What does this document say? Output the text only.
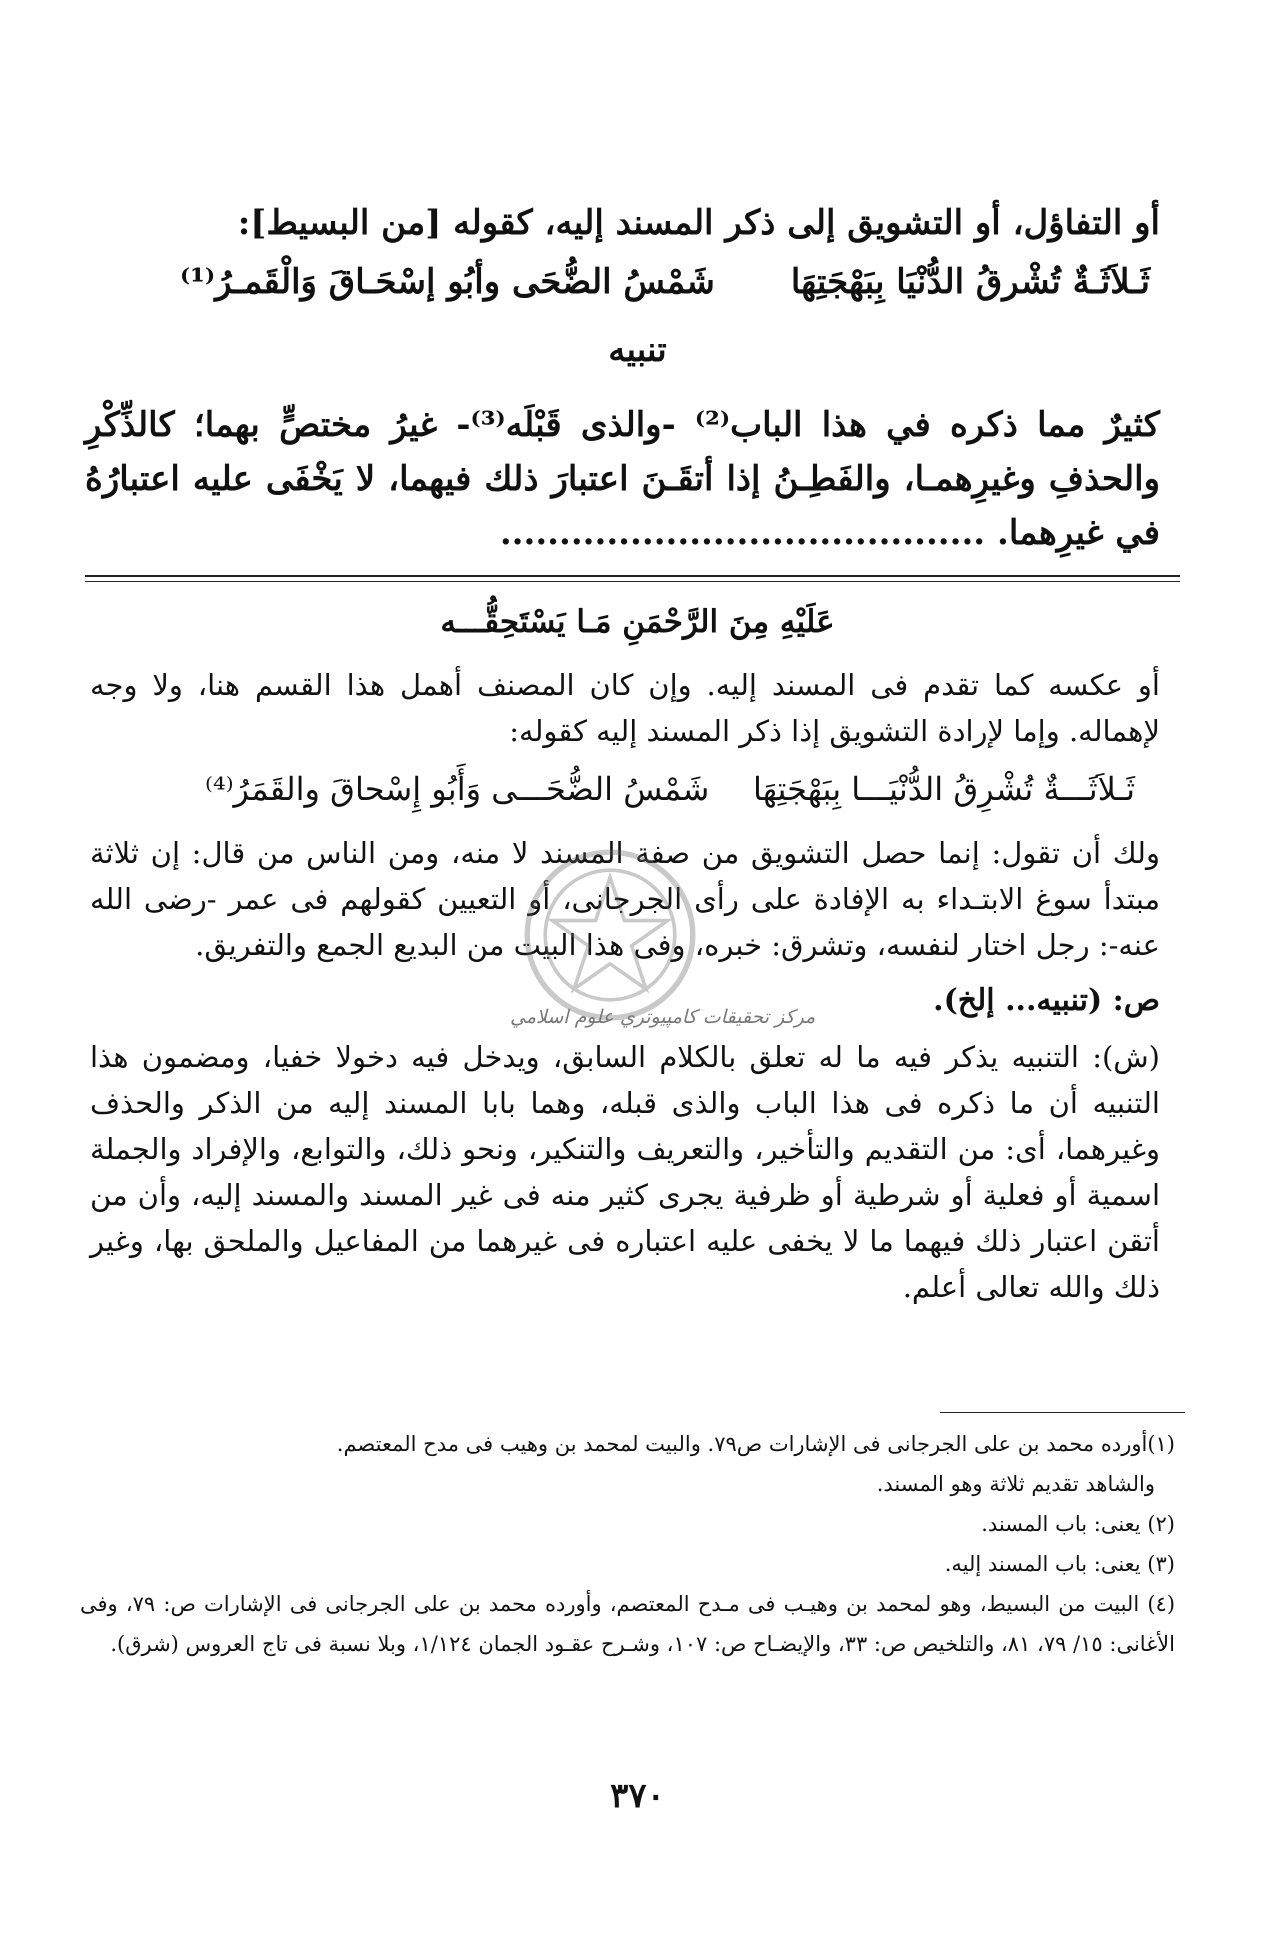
أو التفاؤل، أو التشويق إلى ذكر المسند إليه، كقوله [من البسيط]:

ثَـلاَثَـةٌ تُشْرقُ الدُّنْيَا بِبَهْجَتِهَا
شَمْسُ الضُّحَى وأبُو إسْحَـاقَ وَالْقَمـرُ⁽¹⁾
تنبيه

كثيرٌ مما ذكره في هذا الباب⁽²⁾ -والذى قَبْلَه⁽³⁾- غيرُ مختصٍّ بهما؛ كالذِّكْرِ والحذفِ وغيرِهمـا، والفَطِـنُ إذا أتقَـنَ اعتبارَ ذلك فيهما، لا يَخْفَى عليه اعتبارُهُ في غيرِهما. .........................................

عَلَيْهِ مِنَ الرَّحْمَنِ مَـا يَسْتَحِقُّـــه

أو عكسه كما تقدم فى المسند إليه. وإن كان المصنف أهمل هذا القسم هنا، ولا وجه لإهماله. وإما لإرادة التشويق إذا ذكر المسند إليه كقوله:

ثَـلاَثَـــةٌ تُشْرِقُ الدُّنْيَـــا بِبَهْجَتِهَا
شَمْسُ الضُّحَـــى وَأَبُو إِسْحاقَ والقَمَرُ⁽⁴⁾

ولك أن تقول: إنما حصل التشويق من صفة المسند لا منه، ومن الناس من قال: إن ثلاثة مبتدأ سوغ الابتـداء به الإفادة على رأى الجرجانى، أو التعيين كقولهم فى عمر -رضى الله عنه-: رجل اختار لنفسه، وتشرق: خبره، وفى هذا البيت من البديع الجمع والتفريق.

ص: (تنبيه... إلخ).

(ش): التنبيه يذكر فيه ما له تعلق بالكلام السابق، ويدخل فيه دخولا خفيا، ومضمون هذا التنبيه أن ما ذكره فى هذا الباب والذى قبله، وهما بابا المسند إليه من الذكر والحذف وغيرهما، أى: من التقديم والتأخير، والتعريف والتنكير، ونحو ذلك، والتوابع، والإفراد والجملة اسمية أو فعلية أو شرطية أو ظرفية يجرى كثير منه فى غير المسند والمسند إليه، وأن من أتقن اعتبار ذلك فيهما ما لا يخفى عليه اعتباره فى غيرهما من المفاعيل والملحق بها، وغير ذلك والله تعالى أعلم.

مركز تحقيقات كامپيوتري علوم اسلامي

(١)أورده محمد بن على الجرجانى فى الإشارات ص٧٩. والبيت لمحمد بن وهيب فى مدح المعتصم.

والشاهد تقديم ثلاثة وهو المسند.

(٢) يعنى: باب المسند.

(٣) يعنى: باب المسند إليه.

(٤) البيت من البسيط، وهو لمحمد بن وهيـب فى مـدح المعتصم، وأورده محمد بن على الجرجانى فى الإشارات ص: ٧٩، وفى الأغانى: ١٥/ ٧٩، ٨١، والتلخيص ص: ٣٣، والإيضـاح ص: ١٠٧، وشـرح عقـود الجمان ١/١٢٤، وبلا نسبة فى تاج العروس (شرق).

٣٧٠
